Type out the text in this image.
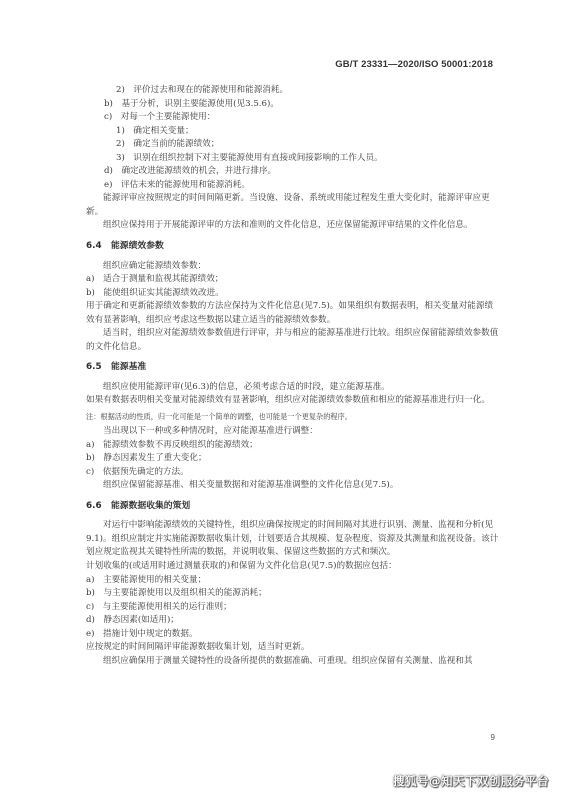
GB/T 23331—2020/ISO 50001:2018
2)　评价过去和现在的能源使用和能源消耗。
b)　基于分析，识别主要能源使用(见3.5.6)。
c)　对每一个主要能源使用：
1)　确定相关变量；
2)　确定当前的能源绩效；
3)　识别在组织控制下对主要能源使用有直接或间接影响的工作人员。
d)　确定改进能源绩效的机会，并进行排序。
e)　评估未来的能源使用和能源消耗。
能源评审应按照规定的时间间隔更新。当设施、设备、系统或用能过程发生重大变化时，能源评审应更新。
组织应保持用于开展能源评审的方法和准则的文件化信息，还应保留能源评审结果的文件化信息。
6.4 能源绩效参数
组织应确定能源绩效参数：
a)　适合于测量和监视其能源绩效；
b)　能使组织证实其能源绩效改进。
用于确定和更新能源绩效参数的方法应保持为文件化信息(见7.5)。如果组织有数据表明，相关变量对能源绩效有显著影响，组织应考虑这些数据以建立适当的能源绩效参数。
适当时，组织应对能源绩效参数值进行评审，并与相应的能源基准进行比较。组织应保留能源绩效参数值的文件化信息。
6.5 能源基准
组织应使用能源评审(见6.3)的信息，必须考虑合适的时段，建立能源基准。
如果有数据表明相关变量对能源绩效有显著影响，组织应对能源绩效参数值和相应的能源基准进行归一化。
注：根据活动的性质，归一化可能是一个简单的调整，也可能是一个更复杂的程序。
当出现以下一种或多种情况时，应对能源基准进行调整：
a)　能源绩效参数不再反映组织的能源绩效；
b)　静态因素发生了重大变化；
c)　依据预先确定的方法。
组织应保留能源基准、相关变量数据和对能源基准调整的文件化信息(见7.5)。
6.6 能源数据收集的策划
对运行中影响能源绩效的关键特性，组织应确保按规定的时间间隔对其进行识别、测量、监视和分析(见9.1)。组织应制定并实施能源数据收集计划，计划要适合其规模、复杂程度、资源及其测量和监视设备。该计划应规定监视其关键特性所需的数据，并说明收集、保留这些数据的方式和频次。
计划收集的(或适用时通过测量获取的)和保留为文件化信息(见7.5)的数据应包括：
a)　主要能源使用的相关变量；
b)　与主要能源使用以及组织相关的能源消耗；
c)　与主要能源使用相关的运行准则；
d)　静态因素(如适用)；
e)　措施计划中规定的数据。
应按规定的时间间隔评审能源数据收集计划，适当时更新。
组织应确保用于测量关键特性的设备所提供的数据准确、可重现。组织应保留有关测量、监视和其
9
搜狐号@知天下双创服务平台
